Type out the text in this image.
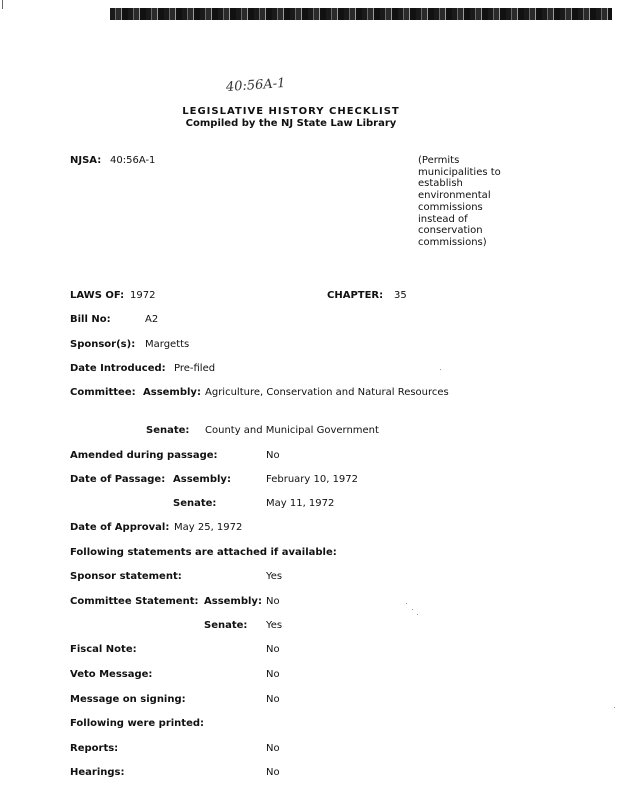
40:56A-1
LEGISLATIVE HISTORY CHECKLIST
Compiled by the NJ State Law Library
NJSA: 40:56A-1	(Permits
municipalities to
establish
environmental
commissions
instead of
conservation
commissions)
LAWS OF: 1972	CHAPTER: 35
Bill No:	A2
Sponsor(s): Margetts
Date Introduced: Pre-filed
Committee: Assembly: Agriculture, Conservation and Natural Resources
Senate: County and Municipal Government
Amended during passage:	No
Date of Passage: Assembly:	February 10, 1972
Senate:	May 11, 1972
Date of Approval: May 25, 1972
Following statements are attached if available:
Sponsor statement:	Yes
Committee Statement: Assembly: No
Senate: Yes
Fiscal Note:	No
Veto Message:	No
Message on signing:	No
Following were printed:
Reports:	No
Hearings:	No
